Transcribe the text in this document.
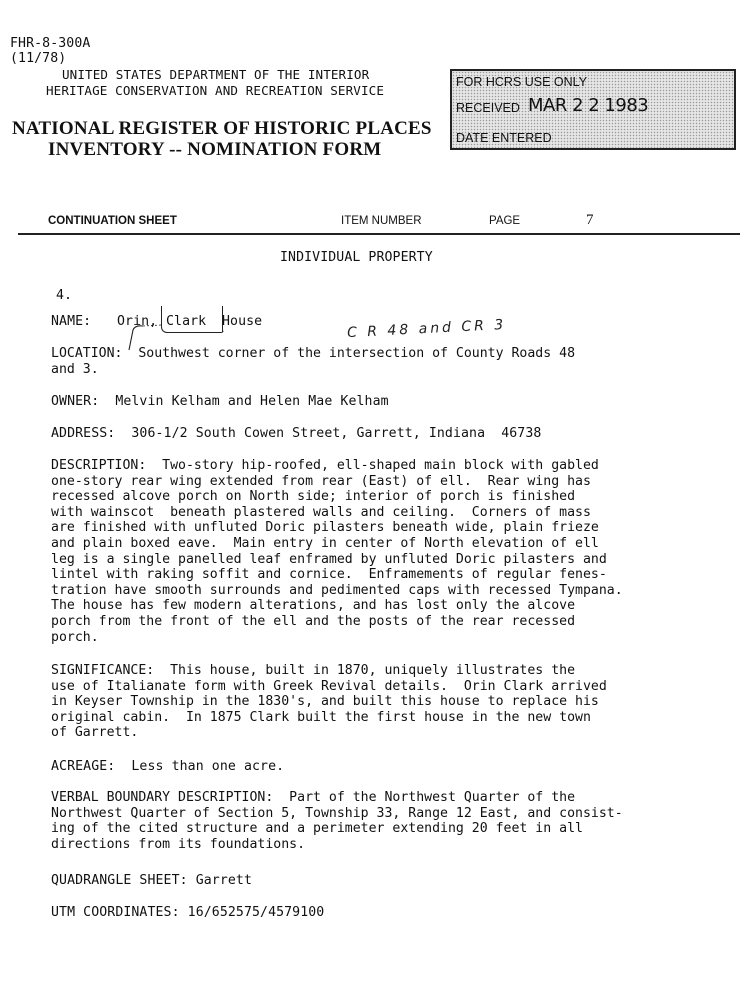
FHR-8-300A
(11/78)
UNITED STATES DEPARTMENT OF THE INTERIOR
HERITAGE CONSERVATION AND RECREATION SERVICE
NATIONAL REGISTER OF HISTORIC PLACES
INVENTORY -- NOMINATION FORM
FOR HCRS USE ONLY
RECEIVED MAR 2 2 1983
DATE ENTERED
CONTINUATION SHEET	ITEM NUMBER	PAGE	7
INDIVIDUAL PROPERTY
4.
NAME:

Orin, Clark House	C R 48 and CR 3
LOCATION:  Southwest corner of the intersection of County Roads 48
and 3.
OWNER:  Melvin Kelham and Helen Mae Kelham
ADDRESS:  306-1/2 South Cowen Street, Garrett, Indiana  46738
DESCRIPTION:  Two-story hip-roofed, ell-shaped main block with gabled
one-story rear wing extended from rear (East) of ell.  Rear wing has
recessed alcove porch on North side; interior of porch is finished
with wainscot  beneath plastered walls and ceiling.  Corners of mass
are finished with unfluted Doric pilasters beneath wide, plain frieze
and plain boxed eave.  Main entry in center of North elevation of ell
leg is a single panelled leaf enframed by unfluted Doric pilasters and
lintel with raking soffit and cornice.  Enframements of regular fenes-
tration have smooth surrounds and pedimented caps with recessed Tympana.
The house has few modern alterations, and has lost only the alcove
porch from the front of the ell and the posts of the rear recessed
porch.
SIGNIFICANCE:  This house, built in 1870, uniquely illustrates the
use of Italianate form with Greek Revival details.  Orin Clark arrived
in Keyser Township in the 1830's, and built this house to replace his
original cabin.  In 1875 Clark built the first house in the new town
of Garrett.
ACREAGE:  Less than one acre.
VERBAL BOUNDARY DESCRIPTION:  Part of the Northwest Quarter of the
Northwest Quarter of Section 5, Township 33, Range 12 East, and consist-
ing of the cited structure and a perimeter extending 20 feet in all
directions from its foundations.
QUADRANGLE SHEET: Garrett
UTM COORDINATES: 16/652575/4579100
